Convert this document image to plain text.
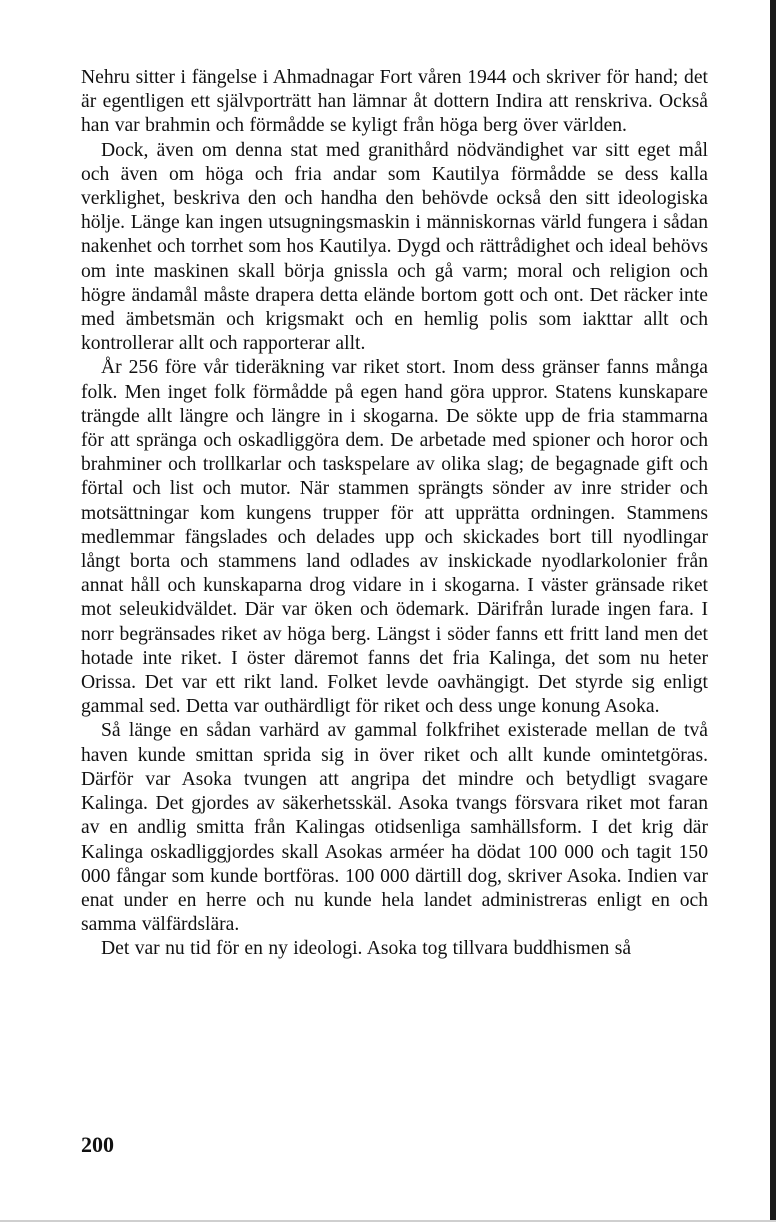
Nehru sitter i fängelse i Ahmadnagar Fort våren 1944 och skriver för hand; det är egentligen ett självporträtt han lämnar åt dottern Indira att renskriva. Också han var brahmin och förmådde se kyligt från höga berg över världen.

Dock, även om denna stat med granithård nödvändighet var sitt eget mål och även om höga och fria andar som Kautilya förmådde se dess kalla verklighet, beskriva den och handha den behövde också den sitt ideologiska hölje. Länge kan ingen utsugningsmaskin i människornas värld fungera i sådan nakenhet och torrhet som hos Kautilya. Dygd och rättrådighet och ideal behövs om inte maskinen skall börja gnissla och gå varm; moral och religion och högre ändamål måste drapera detta elände bortom gott och ont. Det räcker inte med ämbetsmän och krigsmakt och en hemlig polis som iakttar allt och kontrollerar allt och rapporterar allt.

År 256 före vår tideräkning var riket stort. Inom dess gränser fanns många folk. Men inget folk förmådde på egen hand göra uppror. Statens kunskapare trängde allt längre och längre in i skogarna. De sökte upp de fria stammarna för att spränga och oskadliggöra dem. De arbetade med spioner och horor och brahminer och trollkarlar och taskspelare av olika slag; de begagnade gift och förtal och list och mutor. När stammen sprängts sönder av inre strider och motsättningar kom kungens trupper för att upprätta ordningen. Stammens medlemmar fängslades och delades upp och skickades bort till nyodlingar långt borta och stammens land odlades av inskickade nyodlarkolonier från annat håll och kunskaparna drog vidare in i skogarna. I väster gränsade riket mot seleukidväldet. Där var öken och ödemark. Därifrån lurade ingen fara. I norr begränsades riket av höga berg. Längst i söder fanns ett fritt land men det hotade inte riket. I öster däremot fanns det fria Kalinga, det som nu heter Orissa. Det var ett rikt land. Folket levde oavhängigt. Det styrde sig enligt gammal sed. Detta var outhärdligt för riket och dess unge konung Asoka.

Så länge en sådan varhärd av gammal folkfrihet existerade mellan de två haven kunde smittan sprida sig in över riket och allt kunde omintetgöras. Därför var Asoka tvungen att angripa det mindre och betydligt svagare Kalinga. Det gjordes av säkerhetsskäl. Asoka tvangs försvara riket mot faran av en andlig smitta från Kalingas otidsenliga samhällsform. I det krig där Kalinga oskadliggjordes skall Asokas arméer ha dödat 100 000 och tagit 150 000 fångar som kunde bortföras. 100 000 därtill dog, skriver Asoka. Indien var enat under en herre och nu kunde hela landet administreras enligt en och samma välfärdslära.

Det var nu tid för en ny ideologi. Asoka tog tillvara buddhismen så

200
